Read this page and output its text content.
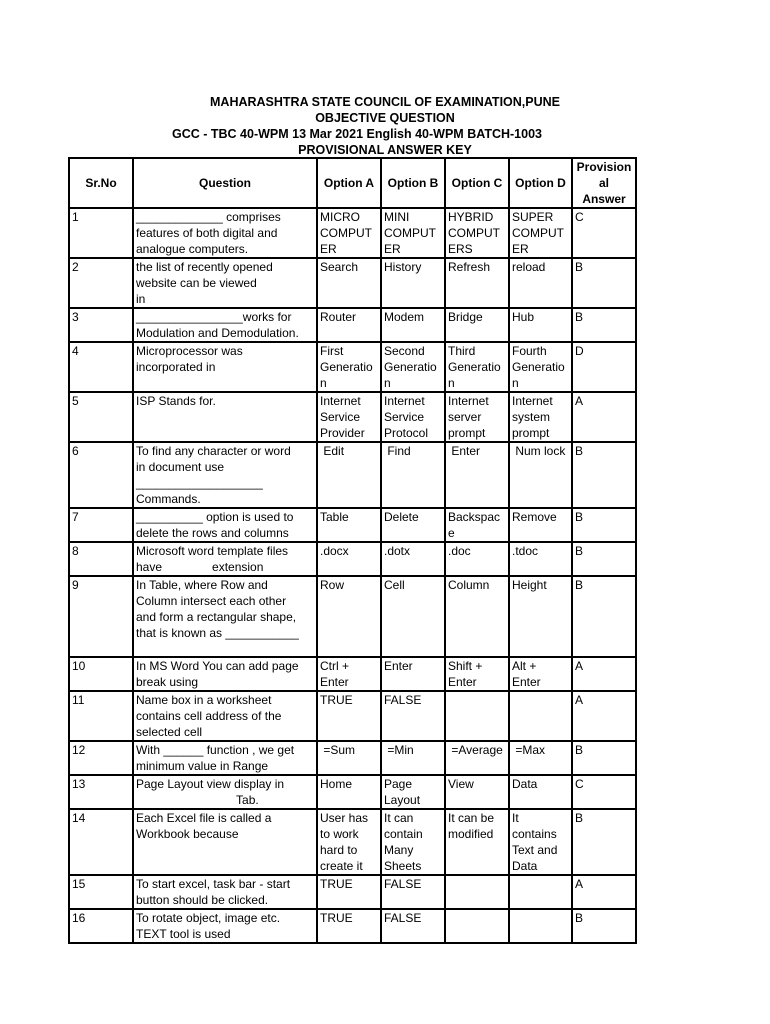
MAHARASHTRA STATE COUNCIL OF EXAMINATION,PUNE
OBJECTIVE QUESTION
GCC - TBC 40-WPM 13 Mar 2021 English 40-WPM BATCH-1003
PROVISIONAL ANSWER KEY
Sr.No	Question	Option A	Option B	Option C	Option D	Provision
al
Answer
1	_____________ comprises
features of both digital and
analogue computers.	MICRO
COMPUT
ER	MINI
COMPUT
ER	HYBRID
COMPUT
ERS	SUPER
COMPUT
ER	C
2	the list of recently opened
website can be viewed
in	Search	History	Refresh	reload	B
3	________________works for
Modulation and Demodulation.	Router	Modem	Bridge	Hub	B
4	Microprocessor was
incorporated in	First
Generatio
n	Second
Generatio
n	Third
Generatio
n	Fourth
Generatio
n	D
5	ISP Stands for.	Internet
Service
Provider	Internet
Service
Protocol	Internet
server
prompt	Internet
system
prompt	A
6	To find any character or word
in document use
___________________
Commands.	Edit	Find	Enter	Num lock	B
7	__________ option is used to
delete the rows and columns	Table	Delete	Backspac
e	Remove	B
8	Microsoft word template files
have               extension	.docx	.dotx	.doc	.tdoc	B
9	In Table, where Row and
Column intersect each other
and form a rectangular shape,
that is known as ___________	Row	Cell	Column	Height	B
10	In MS Word You can add page
break using	Ctrl +
Enter	Enter	Shift +
Enter	Alt +
Enter	A
11	Name box in a worksheet
contains cell address of the
selected cell	TRUE	FALSE			A
12	With ______ function , we get
minimum value in Range	=Sum	=Min	=Average	=Max	B
13	Page Layout view display in
Tab.	Home	Page
Layout	View	Data	C
14	Each Excel file is called a
Workbook because	User has
to work
hard to
create it	It can
contain
Many
Sheets	It can be
modified	It
contains
Text and
Data	B
15	To start excel, task bar - start
button should be clicked.	TRUE	FALSE			A
16	To rotate object, image etc.
TEXT tool is used	TRUE	FALSE			B
